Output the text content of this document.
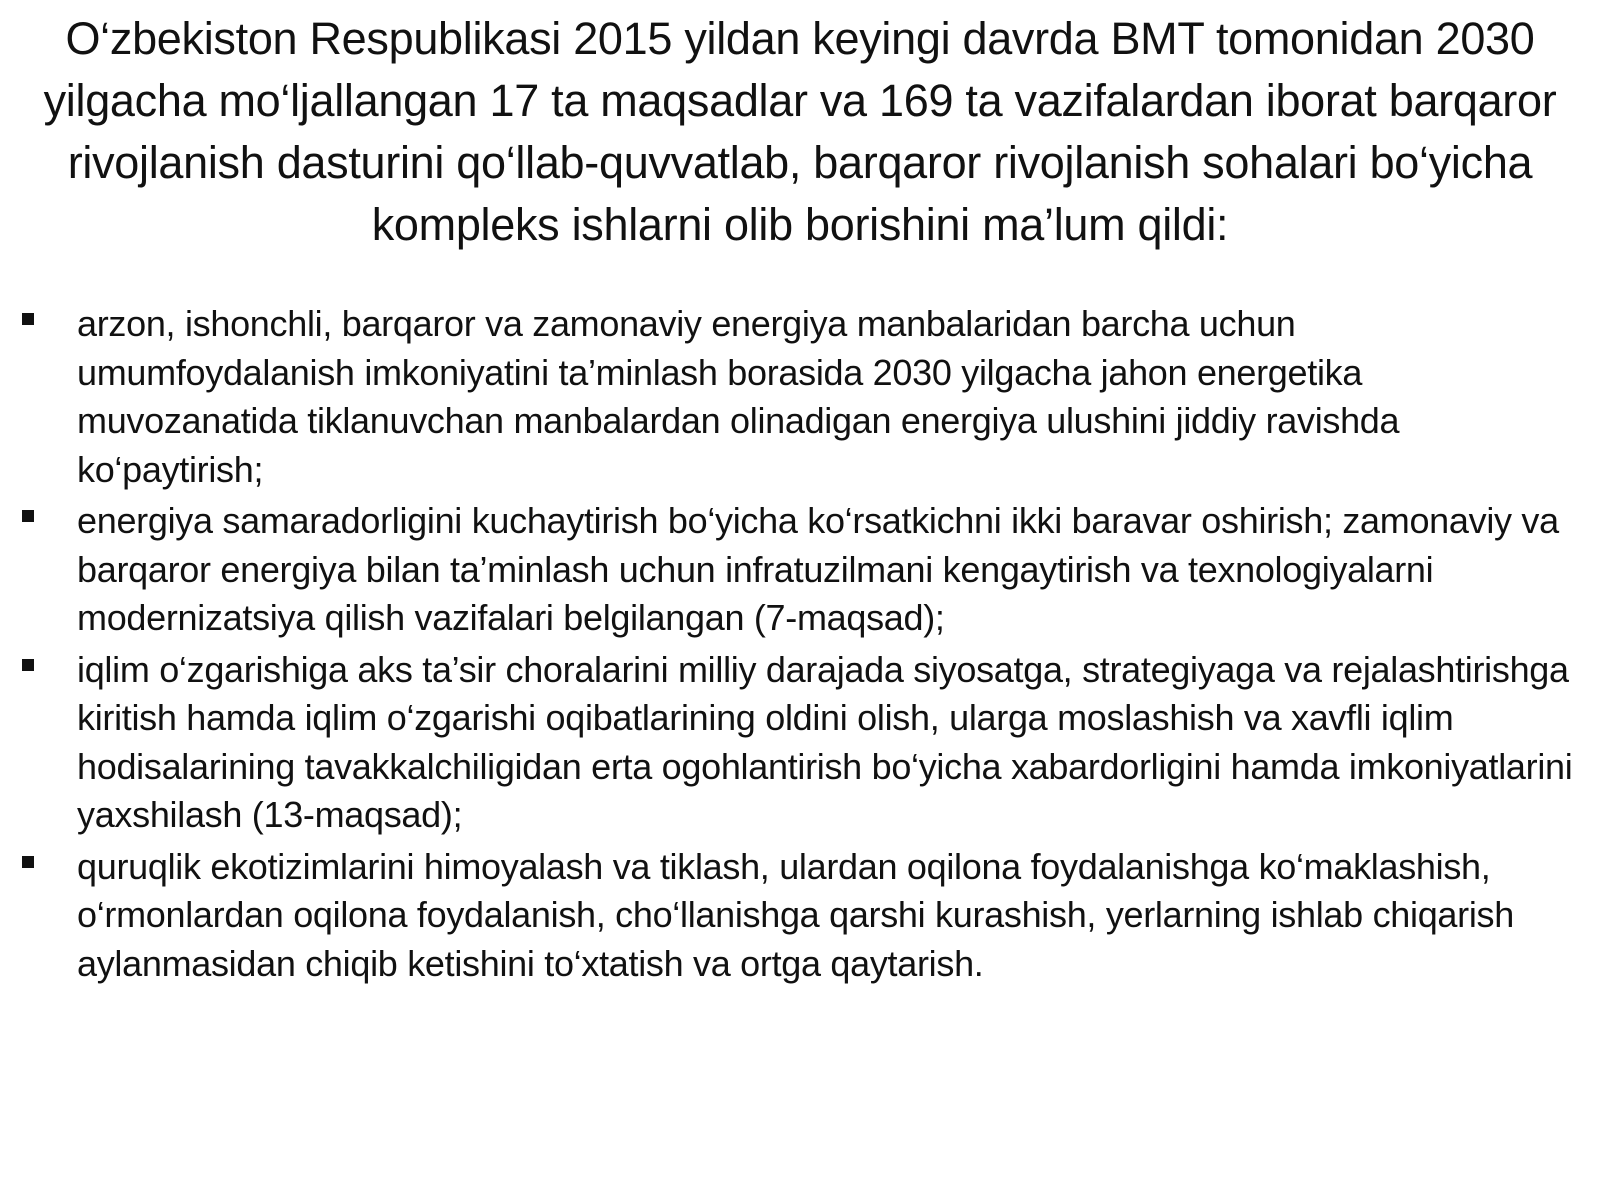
O‘zbekiston Respublikasi 2015 yildan keyingi davrda BMT tomonidan 2030 yilgacha mo‘ljallangan 17 ta maqsadlar va 169 ta vazifalardan iborat barqaror rivojlanish dasturini qo‘llab-quvvatlab, barqaror rivojlanish sohalari bo‘yicha kompleks ishlarni olib borishini ma’lum qildi:
arzon, ishonchli, barqaror va zamonaviy energiya manbalaridan barcha uchun umumfoydalanish imkoniyatini ta’minlash borasida 2030 yilgacha jahon energetika muvozanatida tiklanuvchan manbalardan olinadigan energiya ulushini jiddiy ravishda ko‘paytirish;
energiya samaradorligini kuchaytirish bo‘yicha ko‘rsatkichni ikki baravar oshirish; zamonaviy va barqaror energiya bilan ta’minlash uchun infratuzilmani kengaytirish va texnologiyalarni modernizatsiya qilish vazifalari belgilangan (7-maqsad);
iqlim o‘zgarishiga aks ta’sir choralarini milliy darajada siyosatga, strategiyaga va rejalashtirishga kiritish hamda iqlim o‘zgarishi oqibatlarining oldini olish, ularga moslashish va xavfli iqlim hodisalarining tavakkalchiligidan erta ogohlantirish bo‘yicha xabardorligini hamda imkoniyatlarini yaxshilash (13-maqsad);
quruqlik ekotizimlarini himoyalash va tiklash, ulardan oqilona foydalanishga ko‘maklashish, o‘rmonlardan oqilona foydalanish, cho‘llanishga qarshi kurashish, yerlarning ishlab chiqarish aylanmasidan chiqib ketishini to‘xtatish va ortga qaytarish.
